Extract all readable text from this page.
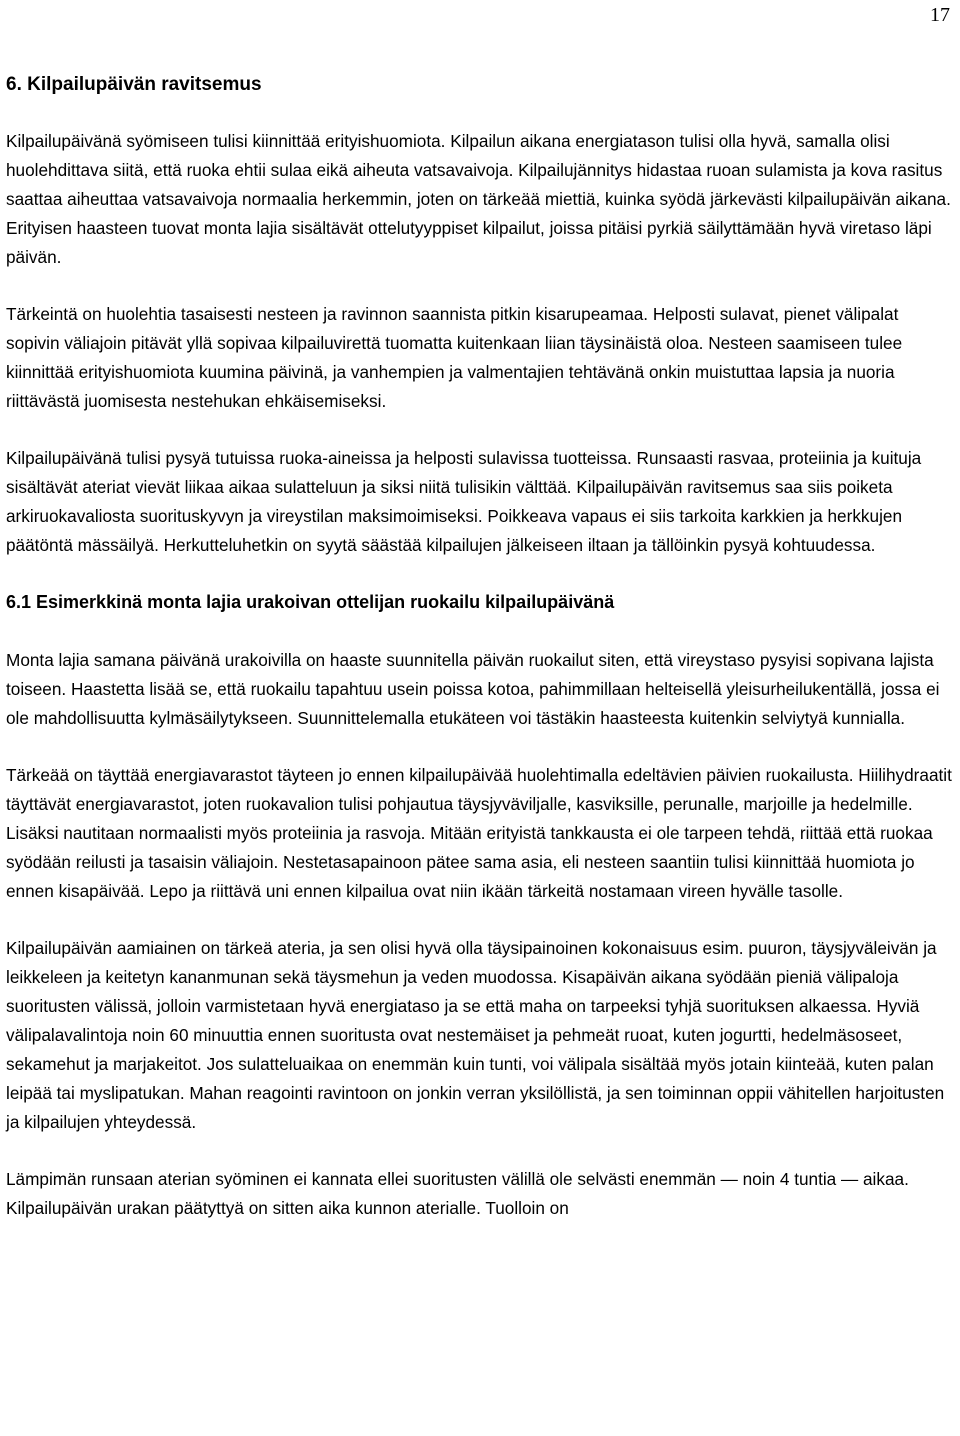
17
6. Kilpailupäivän ravitsemus

Kilpailupäivänä syömiseen tulisi kiinnittää erityishuomiota. Kilpailun aikana energiatason tulisi olla hyvä, samalla olisi huolehdittava siitä, että ruoka ehtii sulaa eikä aiheuta vatsavaivoja. Kilpailujännitys hidastaa ruoan sulamista ja kova rasitus saattaa aiheuttaa vatsavaivoja normaalia herkemmin, joten on tärkeää miettiä, kuinka syödä järkevästi kilpailupäivän aikana. Erityisen haasteen tuovat monta lajia sisältävät ottelutyyppiset kilpailut, joissa pitäisi pyrkiä säilyttämään hyvä viretaso läpi päivän.

Tärkeintä on huolehtia tasaisesti nesteen ja ravinnon saannista pitkin kisarupeamaa. Helposti sulavat, pienet välipalat sopivin väliajoin pitävät yllä sopivaa kilpailuvirettä tuomatta kuitenkaan liian täysinäistä oloa. Nesteen saamiseen tulee kiinnittää erityishuomiota kuumina päivinä, ja vanhempien ja valmentajien tehtävänä onkin muistuttaa lapsia ja nuoria riittävästä juomisesta nestehukan ehkäisemiseksi.

Kilpailupäivänä tulisi pysyä tutuissa ruoka-aineissa ja helposti sulavissa tuotteissa. Runsaasti rasvaa, proteiinia ja kuituja sisältävät ateriat vievät liikaa aikaa sulatteluun ja siksi niitä tulisikin välttää. Kilpailupäivän ravitsemus saa siis poiketa arkiruokavaliosta suorituskyvyn ja vireystilan maksimoimiseksi. Poikkeava vapaus ei siis tarkoita karkkien ja herkkujen päätöntä mässäilyä. Herkutteluhetkin on syytä säästää kilpailujen jälkeiseen iltaan ja tällöinkin pysyä kohtuudessa.

6.1 Esimerkkinä monta lajia urakoivan ottelijan ruokailu kilpailupäivänä

Monta lajia samana päivänä urakoivilla on haaste suunnitella päivän ruokailut siten, että vireystaso pysyisi sopivana lajista toiseen. Haastetta lisää se, että ruokailu tapahtuu usein poissa kotoa, pahimmillaan helteisellä yleisurheilukentällä, jossa ei ole mahdollisuutta kylmäsäilytykseen. Suunnittelemalla etukäteen voi tästäkin haasteesta kuitenkin selviytyä kunnialla.

Tärkeää on täyttää energiavarastot täyteen jo ennen kilpailupäivää huolehtimalla edeltävien päivien ruokailusta. Hiilihydraatit täyttävät energiavarastot, joten ruokavalion tulisi pohjautua täysjyväviljalle, kasviksille, perunalle, marjoille ja hedelmille. Lisäksi nautitaan normaalisti myös proteiinia ja rasvoja. Mitään erityistä tankkausta ei ole tarpeen tehdä, riittää että ruokaa syödään reilusti ja tasaisin väliajoin. Nestetasapainoon pätee sama asia, eli nesteen saantiin tulisi kiinnittää huomiota jo ennen kisapäivää. Lepo ja riittävä uni ennen kilpailua ovat niin ikään tärkeitä nostamaan vireen hyvälle tasolle.

Kilpailupäivän aamiainen on tärkeä ateria, ja sen olisi hyvä olla täysipainoinen kokonaisuus esim. puuron, täysjyväleivän ja leikkeleen ja keitetyn kananmunan sekä täysmehun ja veden muodossa. Kisapäivän aikana syödään pieniä välipaloja suoritusten välissä, jolloin varmistetaan hyvä energiataso ja se että maha on tarpeeksi tyhjä suorituksen alkaessa. Hyviä välipalavalintoja noin 60 minuuttia ennen suoritusta ovat nestemäiset ja pehmeät ruoat, kuten jogurtti, hedelmäsoseet, sekamehut ja marjakeitot. Jos sulatteluaikaa on enemmän kuin tunti, voi välipala sisältää myös jotain kiinteää, kuten palan leipää tai myslipatukan. Mahan reagointi ravintoon on jonkin verran yksilöllistä, ja sen toiminnan oppii vähitellen harjoitusten ja kilpailujen yhteydessä.

Lämpimän runsaan aterian syöminen ei kannata ellei suoritusten välillä ole selvästi enemmän — noin 4 tuntia — aikaa. Kilpailupäivän urakan päätyttyä on sitten aika kunnon aterialle. Tuolloin on
